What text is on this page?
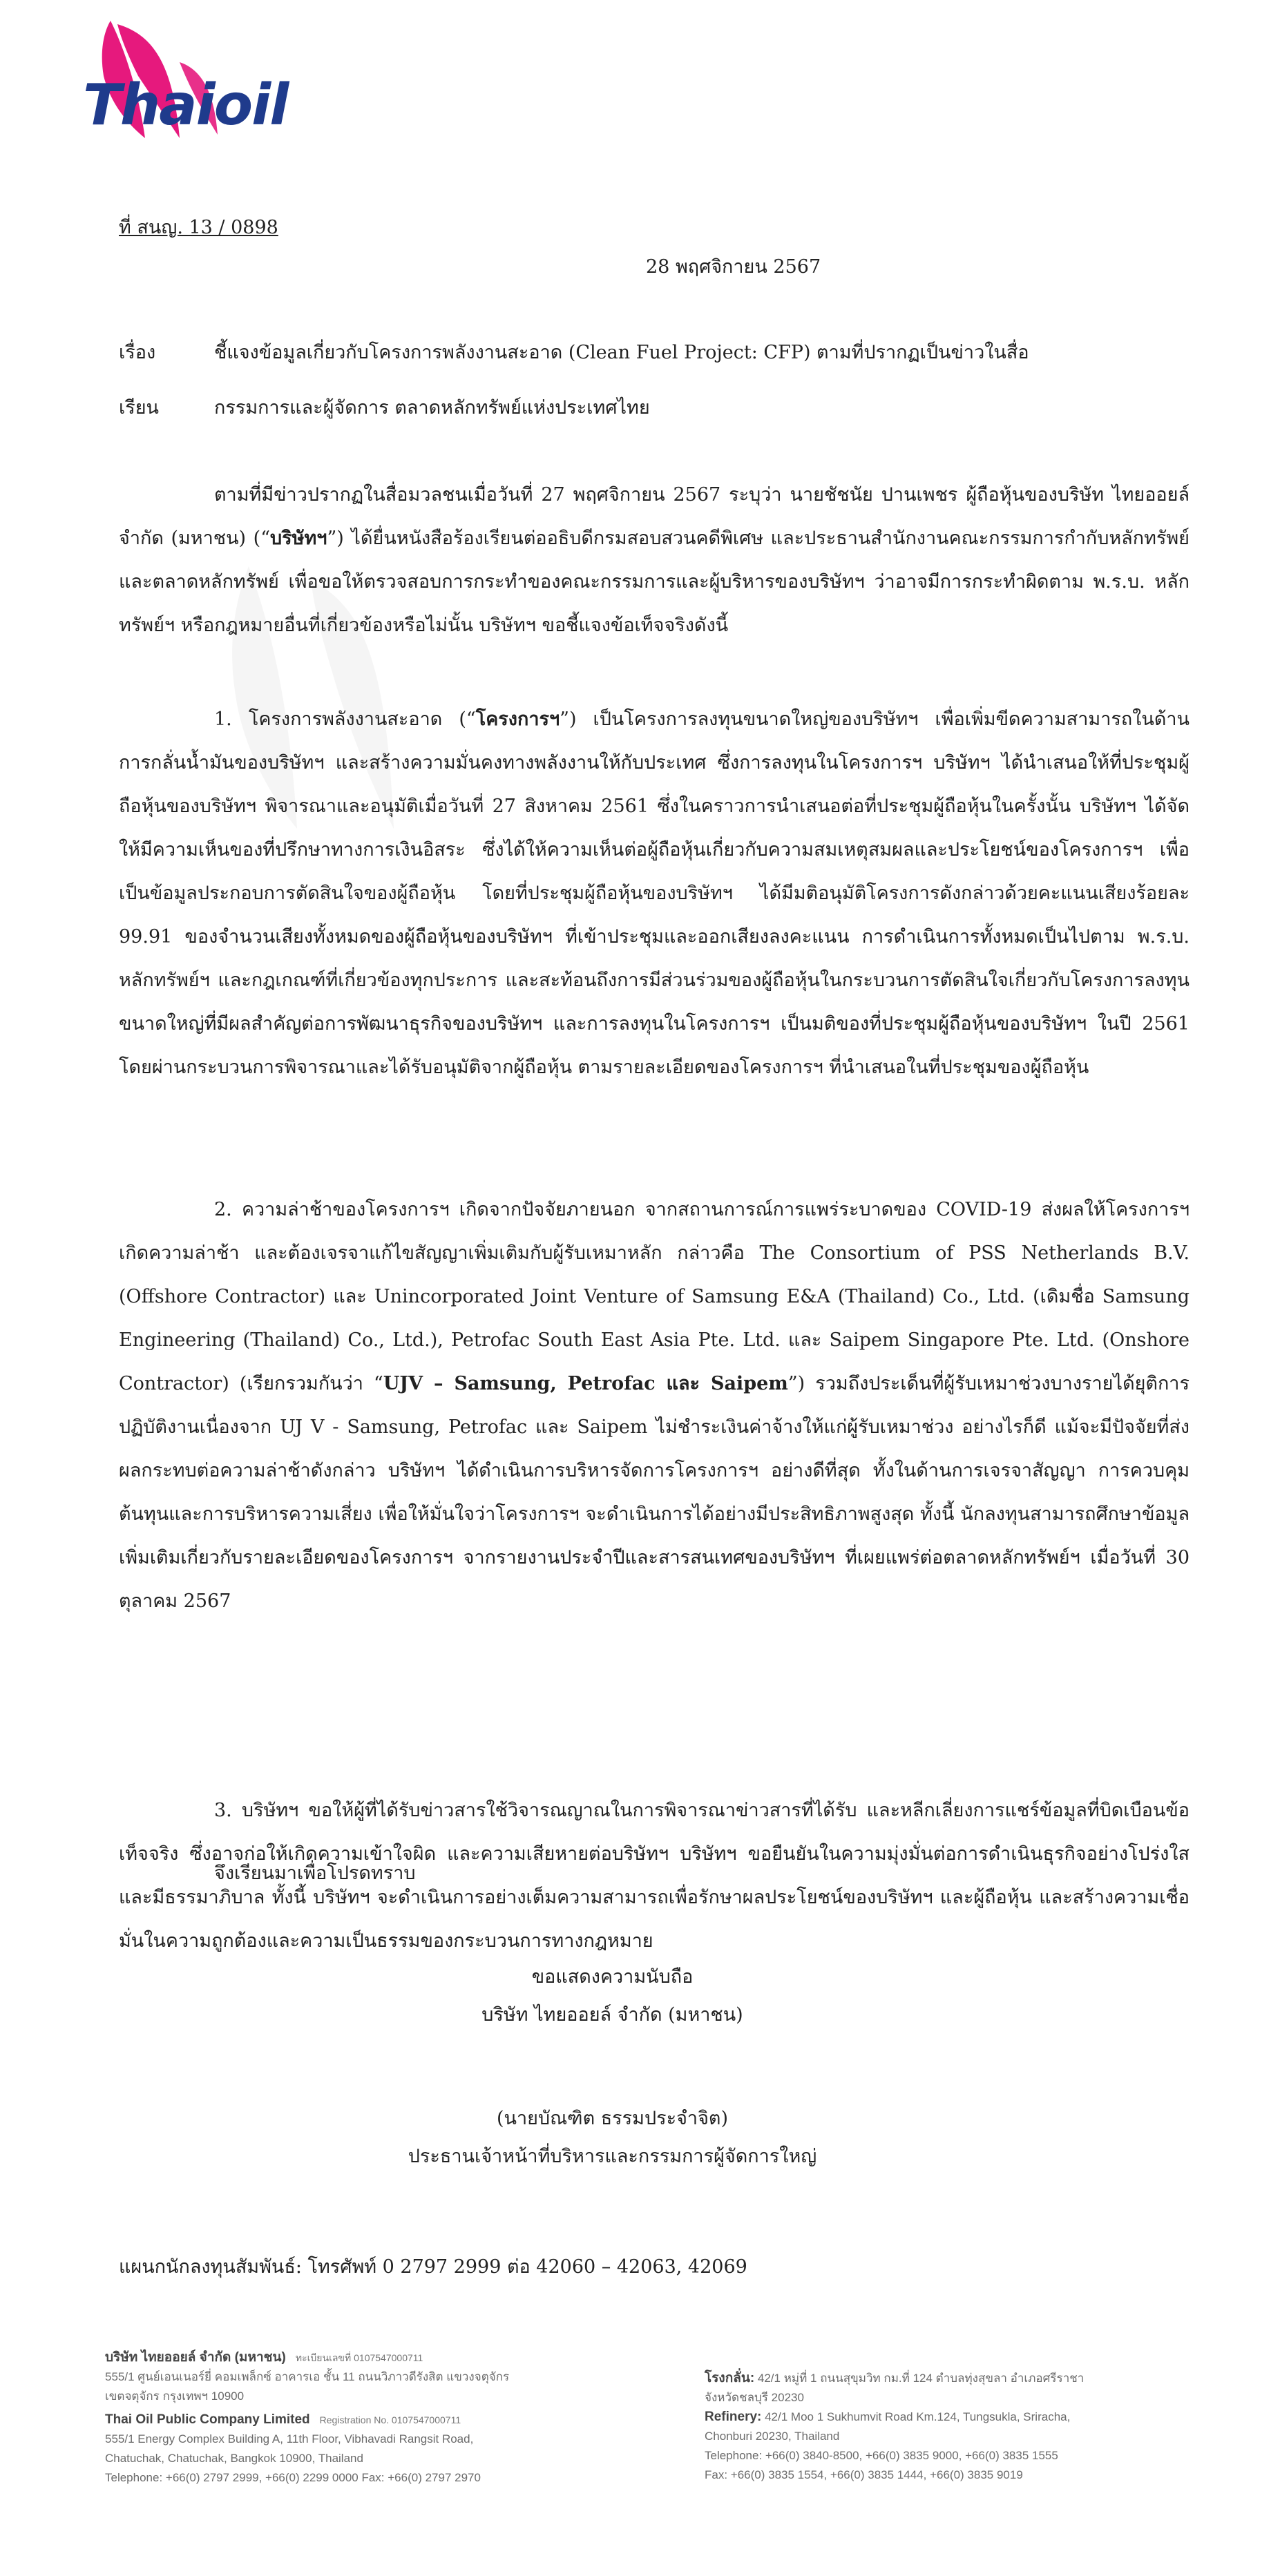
Thaioil
ที่ สนญ. 13 / 0898
28 พฤศจิกายน 2567
เรื่อง	ชี้แจงข้อมูลเกี่ยวกับโครงการพลังงานสะอาด (Clean Fuel Project: CFP) ตามที่ปรากฏเป็นข่าวในสื่อ
เรียน	กรรมการและผู้จัดการ ตลาดหลักทรัพย์แห่งประเทศไทย
ตามที่มีข่าวปรากฏในสื่อมวลชนเมื่อวันที่ 27 พฤศจิกายน 2567 ระบุว่า นายชัชนัย ปานเพชร ผู้ถือหุ้นของบริษัท ไทยออยล์ จำกัด (มหาชน) (“บริษัทฯ”) ได้ยื่นหนังสือร้องเรียนต่ออธิบดีกรมสอบสวนคดีพิเศษ และประธานสำนักงานคณะกรรมการกำกับหลักทรัพย์และตลาดหลักทรัพย์ เพื่อขอให้ตรวจสอบการกระทำของคณะกรรมการและผู้บริหารของบริษัทฯ ว่าอาจมีการกระทำผิดตาม พ.ร.บ. หลักทรัพย์ฯ หรือกฎหมายอื่นที่เกี่ยวข้องหรือไม่นั้น บริษัทฯ ขอชี้แจงข้อเท็จจริงดังนี้
1. โครงการพลังงานสะอาด (“โครงการฯ”) เป็นโครงการลงทุนขนาดใหญ่ของบริษัทฯ เพื่อเพิ่มขีดความสามารถในด้านการกลั่นน้ำมันของบริษัทฯ และสร้างความมั่นคงทางพลังงานให้กับประเทศ ซึ่งการลงทุนในโครงการฯ บริษัทฯ ได้นำเสนอให้ที่ประชุมผู้ถือหุ้นของบริษัทฯ พิจารณาและอนุมัติเมื่อวันที่ 27 สิงหาคม 2561 ซึ่งในคราวการนำเสนอต่อที่ประชุมผู้ถือหุ้นในครั้งนั้น บริษัทฯ ได้จัดให้มีความเห็นของที่ปรึกษาทางการเงินอิสระ ซึ่งได้ให้ความเห็นต่อผู้ถือหุ้นเกี่ยวกับความสมเหตุสมผลและประโยชน์ของโครงการฯ เพื่อเป็นข้อมูลประกอบการตัดสินใจของผู้ถือหุ้น โดยที่ประชุมผู้ถือหุ้นของบริษัทฯ ได้มีมติอนุมัติโครงการดังกล่าวด้วยคะแนนเสียงร้อยละ 99.91 ของจำนวนเสียงทั้งหมดของผู้ถือหุ้นของบริษัทฯ ที่เข้าประชุมและออกเสียงลงคะแนน การดำเนินการทั้งหมดเป็นไปตาม พ.ร.บ. หลักทรัพย์ฯ และกฎเกณฑ์ที่เกี่ยวข้องทุกประการ และสะท้อนถึงการมีส่วนร่วมของผู้ถือหุ้นในกระบวนการตัดสินใจเกี่ยวกับโครงการลงทุนขนาดใหญ่ที่มีผลสำคัญต่อการพัฒนาธุรกิจของบริษัทฯ และการลงทุนในโครงการฯ เป็นมติของที่ประชุมผู้ถือหุ้นของบริษัทฯ ในปี 2561 โดยผ่านกระบวนการพิจารณาและได้รับอนุมัติจากผู้ถือหุ้น ตามรายละเอียดของโครงการฯ ที่นำเสนอในที่ประชุมของผู้ถือหุ้น
2. ความล่าช้าของโครงการฯ เกิดจากปัจจัยภายนอก จากสถานการณ์การแพร่ระบาดของ COVID-19 ส่งผลให้โครงการฯ เกิดความล่าช้า และต้องเจรจาแก้ไขสัญญาเพิ่มเติมกับผู้รับเหมาหลัก กล่าวคือ The Consortium of PSS Netherlands B.V. (Offshore Contractor) และ Unincorporated Joint Venture of Samsung E&A (Thailand) Co., Ltd. (เดิมชื่อ Samsung Engineering (Thailand) Co., Ltd.), Petrofac South East Asia Pte. Ltd. และ Saipem Singapore Pte. Ltd. (Onshore Contractor) (เรียกรวมกันว่า “UJV – Samsung, Petrofac และ Saipem”) รวมถึงประเด็นที่ผู้รับเหมาช่วงบางรายได้ยุติการปฏิบัติงานเนื่องจาก UJ V - Samsung, Petrofac และ Saipem ไม่ชำระเงินค่าจ้างให้แก่ผู้รับเหมาช่วง อย่างไรก็ดี แม้จะมีปัจจัยที่ส่งผลกระทบต่อความล่าช้าดังกล่าว บริษัทฯ ได้ดำเนินการบริหารจัดการโครงการฯ อย่างดีที่สุด ทั้งในด้านการเจรจาสัญญา การควบคุมต้นทุนและการบริหารความเสี่ยง เพื่อให้มั่นใจว่าโครงการฯ จะดำเนินการได้อย่างมีประสิทธิภาพสูงสุด ทั้งนี้ นักลงทุนสามารถศึกษาข้อมูลเพิ่มเติมเกี่ยวกับรายละเอียดของโครงการฯ จากรายงานประจำปีและสารสนเทศของบริษัทฯ ที่เผยแพร่ต่อตลาดหลักทรัพย์ฯ เมื่อวันที่ 30 ตุลาคม 2567
3. บริษัทฯ ขอให้ผู้ที่ได้รับข่าวสารใช้วิจารณญาณในการพิจารณาข่าวสารที่ได้รับ และหลีกเลี่ยงการแชร์ข้อมูลที่บิดเบือนข้อเท็จจริง ซึ่งอาจก่อให้เกิดความเข้าใจผิด และความเสียหายต่อบริษัทฯ บริษัทฯ ขอยืนยันในความมุ่งมั่นต่อการดำเนินธุรกิจอย่างโปร่งใสและมีธรรมาภิบาล ทั้งนี้ บริษัทฯ จะดำเนินการอย่างเต็มความสามารถเพื่อรักษาผลประโยชน์ของบริษัทฯ และผู้ถือหุ้น และสร้างความเชื่อมั่นในความถูกต้องและความเป็นธรรมของกระบวนการทางกฎหมาย
จึงเรียนมาเพื่อโปรดทราบ
ขอแสดงความนับถือ
บริษัท ไทยออยล์ จำกัด (มหาชน)
(นายบัณฑิต ธรรมประจำจิต)
ประธานเจ้าหน้าที่บริหารและกรรมการผู้จัดการใหญ่
แผนกนักลงทุนสัมพันธ์: โทรศัพท์ 0 2797 2999 ต่อ 42060 – 42063, 42069
บริษัท ไทยออยล์ จำกัด (มหาชน) ทะเบียนเลขที่ 0107547000711
555/1 ศูนย์เอนเนอร์ยี่ คอมเพล็กซ์ อาคารเอ ชั้น 11 ถนนวิภาวดีรังสิต แขวงจตุจักร
เขตจตุจักร กรุงเทพฯ 10900
Thai Oil Public Company Limited Registration No. 0107547000711
555/1 Energy Complex Building A, 11th Floor, Vibhavadi Rangsit Road,
Chatuchak, Chatuchak, Bangkok 10900, Thailand
Telephone: +66(0) 2797 2999, +66(0) 2299 0000 Fax: +66(0) 2797 2970
โรงกลั่น: 42/1 หมู่ที่ 1 ถนนสุขุมวิท กม.ที่ 124 ตำบลทุ่งสุขลา อำเภอศรีราชา
จังหวัดชลบุรี 20230
Refinery: 42/1 Moo 1 Sukhumvit Road Km.124, Tungsukla, Sriracha,
Chonburi 20230, Thailand
Telephone: +66(0) 3840-8500, +66(0) 3835 9000, +66(0) 3835 1555
Fax: +66(0) 3835 1554, +66(0) 3835 1444, +66(0) 3835 9019
